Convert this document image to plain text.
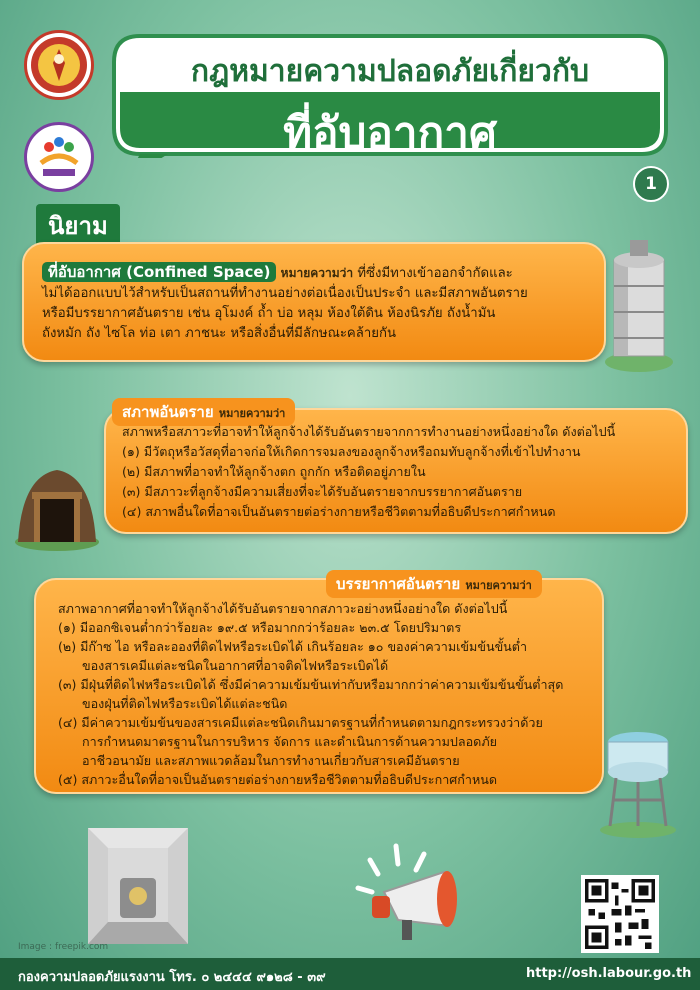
กฎหมายความปลอดภัยเกี่ยวกับ
ที่อับอากาศ
1
นิยาม
ที่อับอากาศ (Confined Space) หมายความว่า ที่ซึ่งมีทางเข้าออกจำกัดและ
ไม่ได้ออกแบบไว้สำหรับเป็นสถานที่ทำงานอย่างต่อเนื่องเป็นประจำ และมีสภาพอันตราย
หรือมีบรรยากาศอันตราย เช่น อุโมงค์ ถ้ำ บ่อ หลุม ห้องใต้ดิน ห้องนิรภัย ถังน้ำมัน
ถังหมัก ถัง ไซโล ท่อ เตา ภาชนะ หรือสิ่งอื่นที่มีลักษณะคล้ายกัน
สภาพอันตราย หมายความว่า
สภาพหรือสภาวะที่อาจทำให้ลูกจ้างได้รับอันตรายจากการทำงานอย่างหนึ่งอย่างใด ดังต่อไปนี้
(๑) มีวัตถุหรือวัสดุที่อาจก่อให้เกิดการจมลงของลูกจ้างหรือถมทับลูกจ้างที่เข้าไปทำงาน
(๒) มีสภาพที่อาจทำให้ลูกจ้างตก ถูกกัก หรือติดอยู่ภายใน
(๓) มีสภาวะที่ลูกจ้างมีความเสี่ยงที่จะได้รับอันตรายจากบรรยากาศอันตราย
(๔) สภาพอื่นใดที่อาจเป็นอันตรายต่อร่างกายหรือชีวิตตามที่อธิบดีประกาศกำหนด
บรรยากาศอันตราย หมายความว่า
สภาพอากาศที่อาจทำให้ลูกจ้างได้รับอันตรายจากสภาวะอย่างหนึ่งอย่างใด ดังต่อไปนี้
(๑) มีออกซิเจนต่ำกว่าร้อยละ ๑๙.๕ หรือมากกว่าร้อยละ ๒๓.๕ โดยปริมาตร
(๒) มีก๊าซ ไอ หรือละอองที่ติดไฟหรือระเบิดได้ เกินร้อยละ ๑๐ ของค่าความเข้มข้นขั้นต่ำ
ของสารเคมีแต่ละชนิดในอากาศที่อาจติดไฟหรือระเบิดได้
(๓) มีฝุ่นที่ติดไฟหรือระเบิดได้ ซึ่งมีค่าความเข้มข้นเท่ากับหรือมากกว่าค่าความเข้มข้นขั้นต่ำสุด
ของฝุ่นที่ติดไฟหรือระเบิดได้แต่ละชนิด
(๔) มีค่าความเข้มข้นของสารเคมีแต่ละชนิดเกินมาตรฐานที่กำหนดตามกฎกระทรวงว่าด้วย
การกำหนดมาตรฐานในการบริหาร จัดการ และดำเนินการด้านความปลอดภัย
อาชีวอนามัย และสภาพแวดล้อมในการทำงานเกี่ยวกับสารเคมีอันตราย
(๕) สภาวะอื่นใดที่อาจเป็นอันตรายต่อร่างกายหรือชีวิตตามที่อธิบดีประกาศกำหนด
Image : freepik.com
กองความปลอดภัยแรงงาน โทร. ๐ ๒๔๔๔ ๙๑๒๘ - ๓๙	http://osh.labour.go.th
